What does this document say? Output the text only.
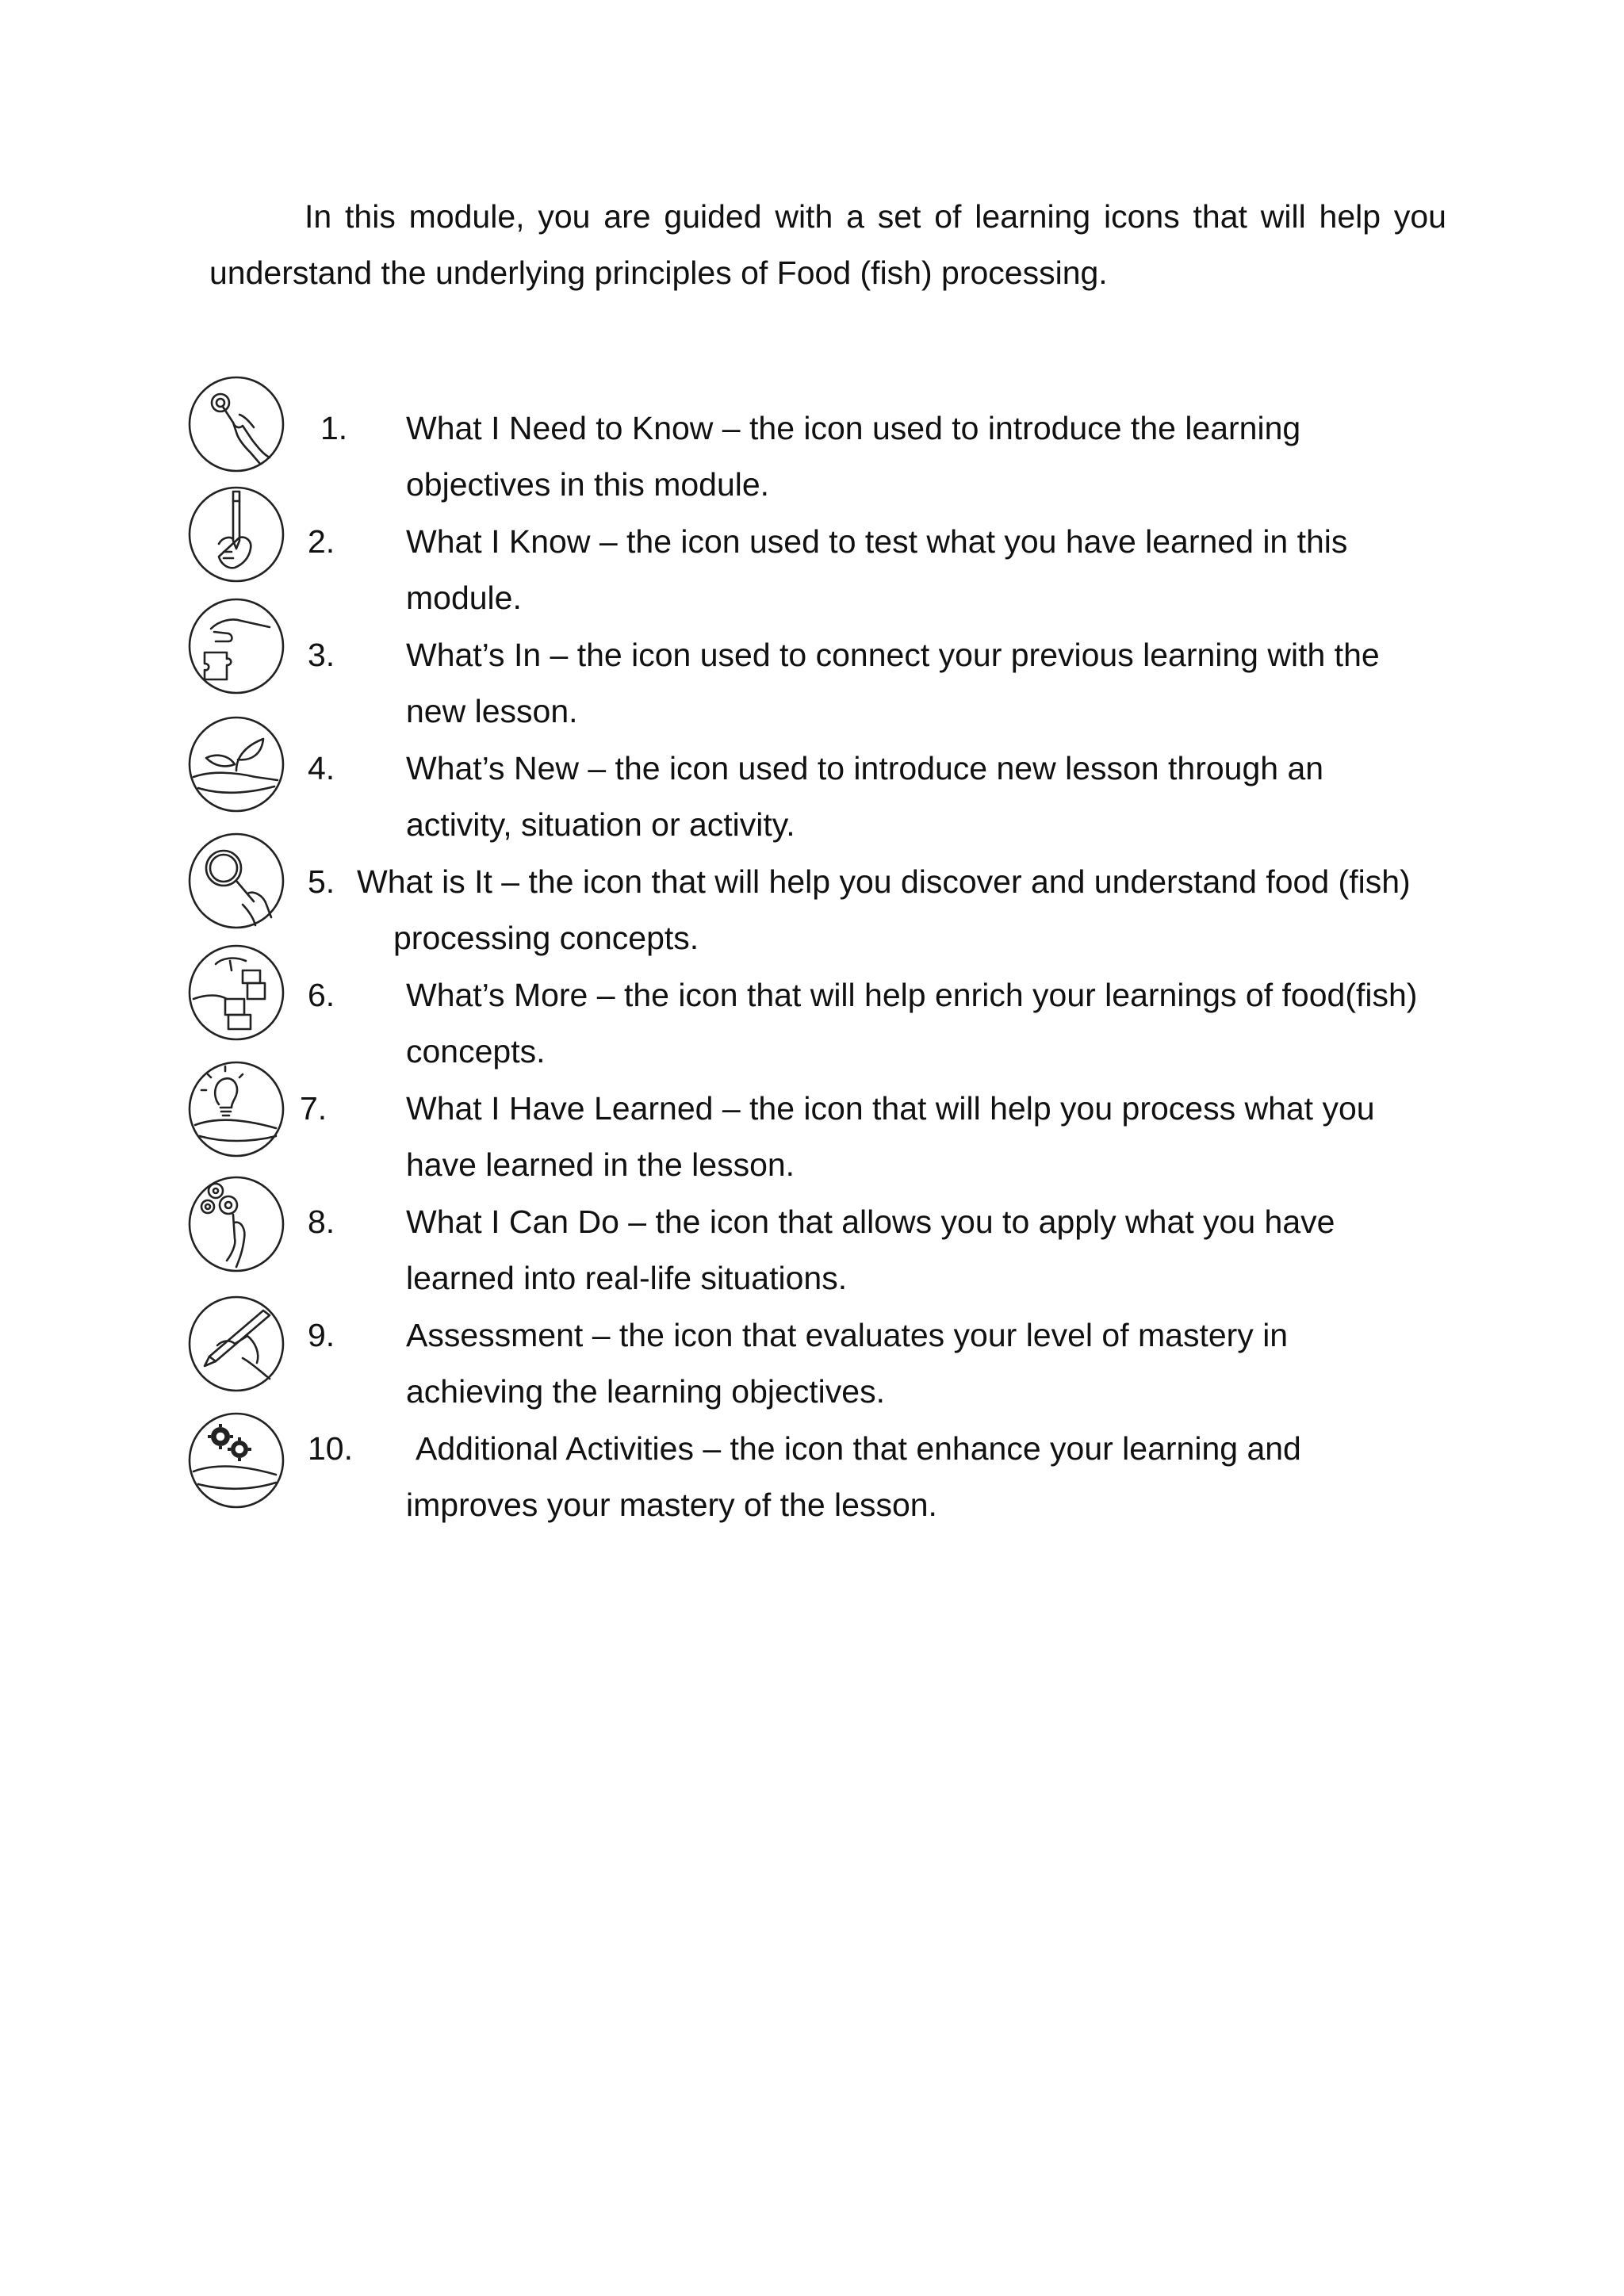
In this module, you are guided with a set of learning icons that will help you
understand the underlying principles of Food (fish) processing.

1. What I Need to Know – the icon used to introduce the learning
objectives in this module.
2. What I Know – the icon used to test what you have learned in this
module.
3. What’s In – the icon used to connect your previous learning with the
new lesson.
4. What’s New – the icon used to introduce new lesson through an
activity, situation or activity.
5. What is It – the icon that will help you discover and understand food (fish)
processing concepts.
6. What’s More – the icon that will help enrich your learnings of food(fish)
concepts.
7. What I Have Learned – the icon that will help you process what you
have learned in the lesson.
8. What I Can Do – the icon that allows you to apply what you have
learned into real-life situations.
9. Assessment – the icon that evaluates your level of mastery in
achieving the learning objectives.
10. Additional Activities – the icon that enhance your learning and
improves your mastery of the lesson.
